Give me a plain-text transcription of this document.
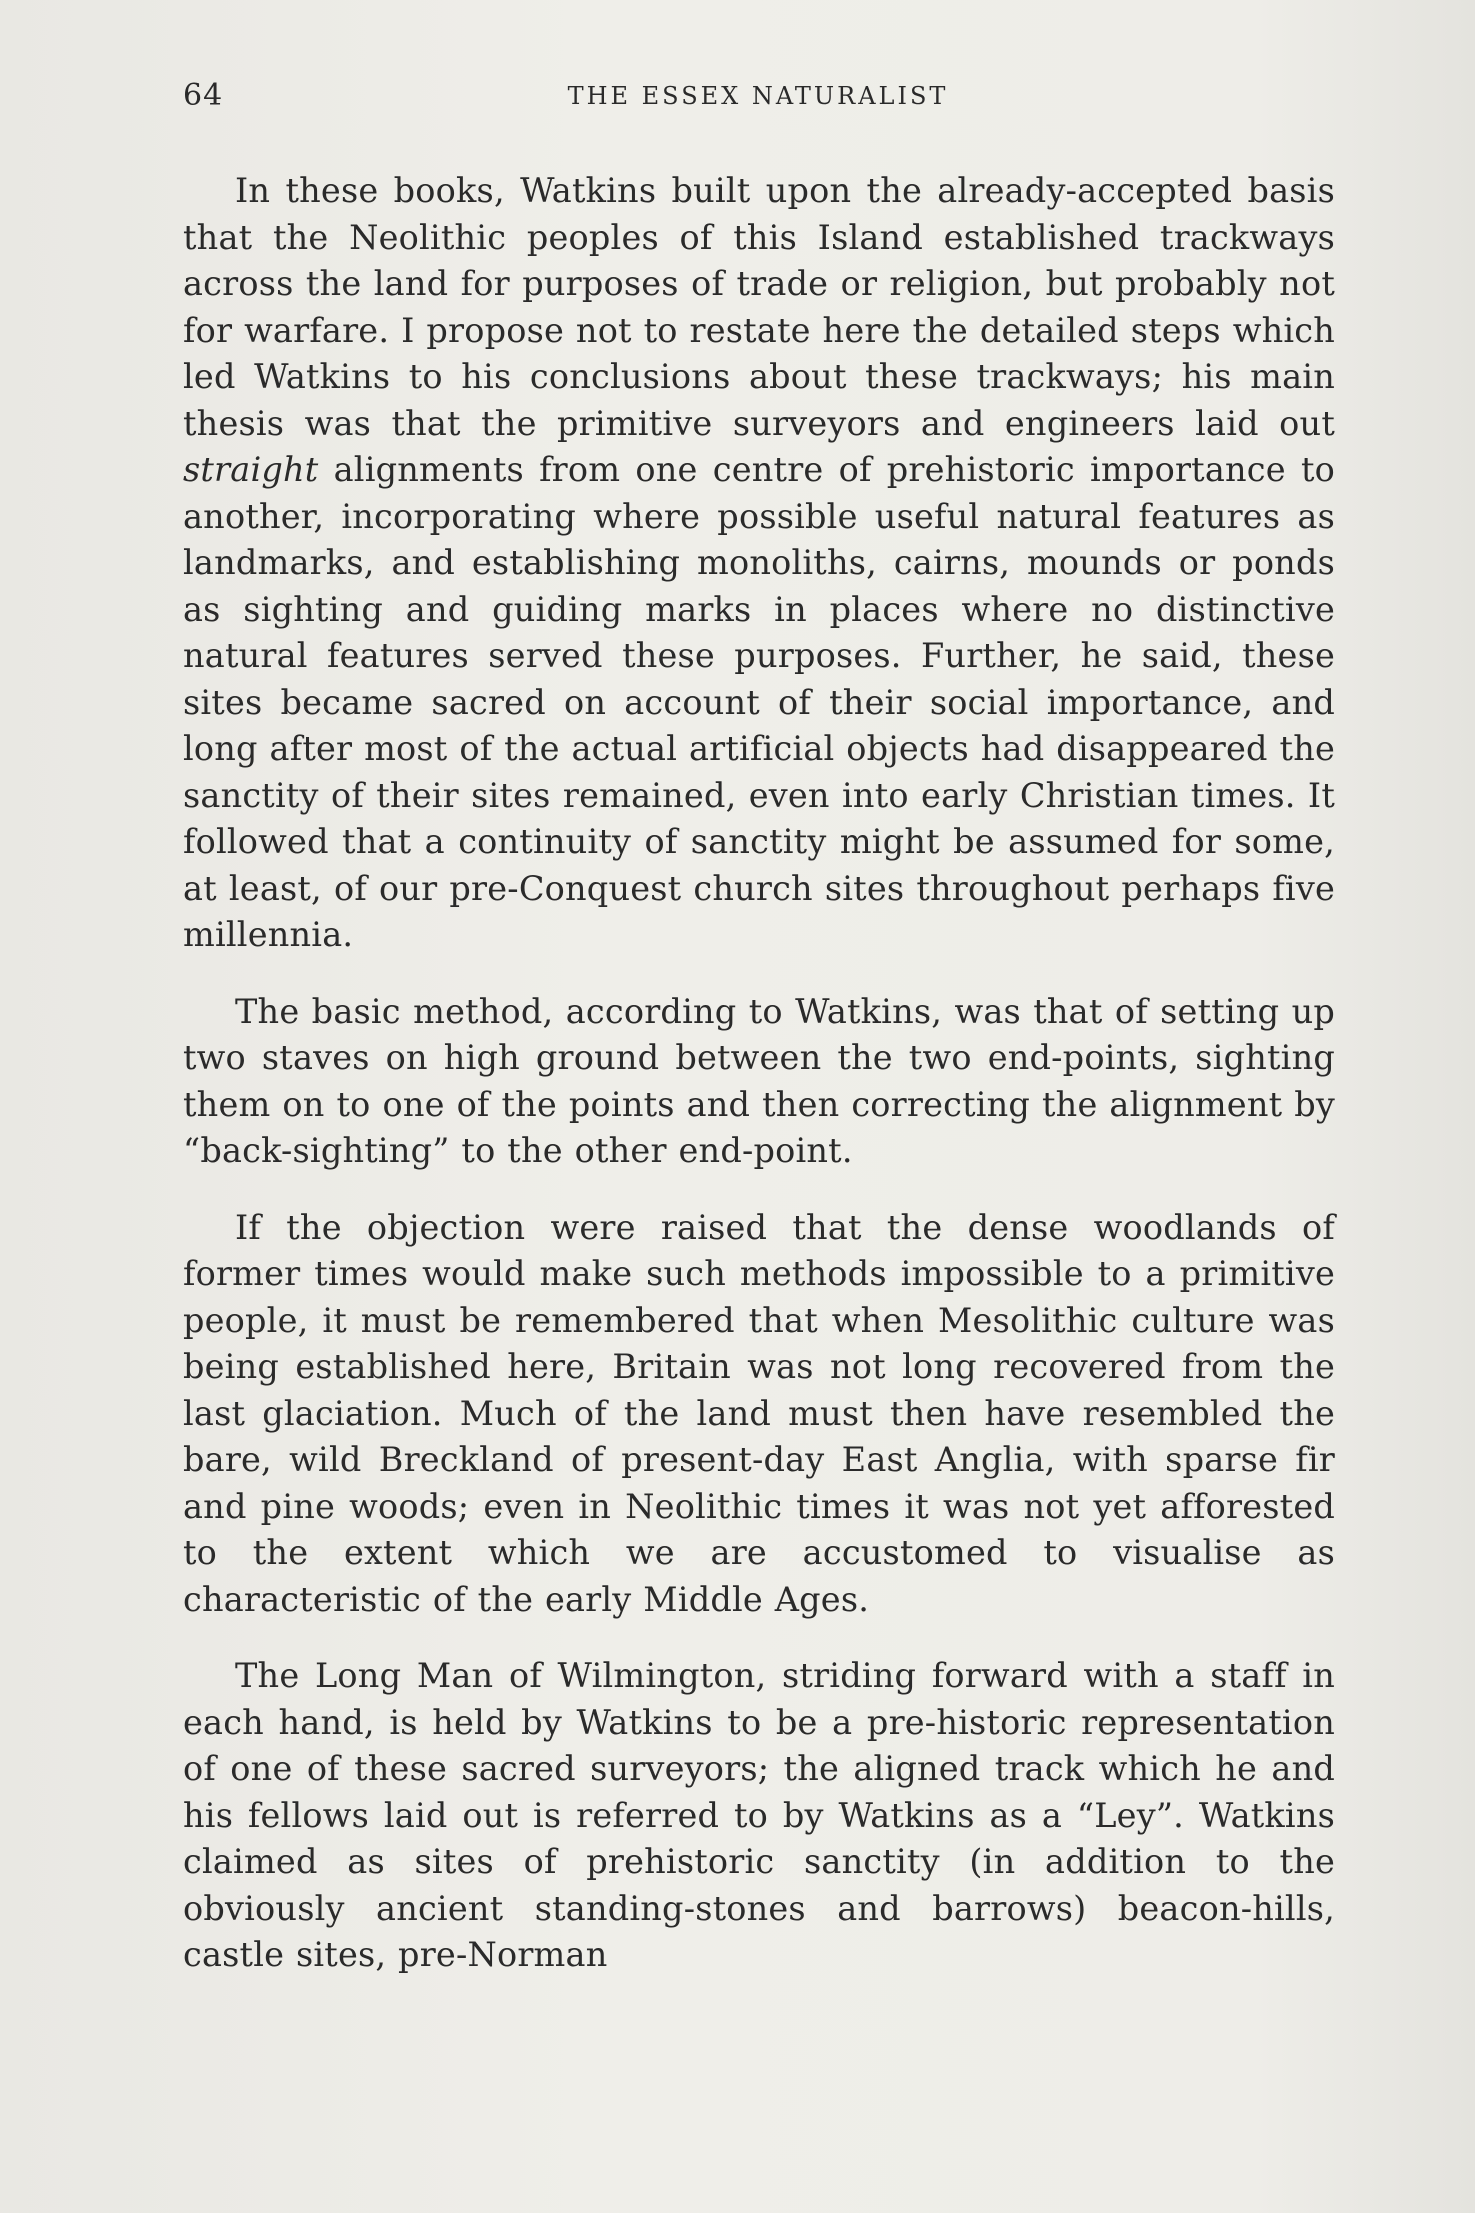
64	THE ESSEX NATURALIST

In these books, Watkins built upon the already-accepted basis that the Neolithic peoples of this Island established trackways across the land for purposes of trade or religion, but probably not for warfare. I propose not to restate here the detailed steps which led Watkins to his conclusions about these trackways; his main thesis was that the primitive surveyors and engineers laid out straight alignments from one centre of prehistoric importance to another, incorporating where possible useful natural features as landmarks, and establishing monoliths, cairns, mounds or ponds as sighting and guiding marks in places where no distinctive natural features served these purposes. Further, he said, these sites became sacred on account of their social importance, and long after most of the actual artificial objects had disappeared the sanctity of their sites remained, even into early Christian times. It followed that a continuity of sanctity might be assumed for some, at least, of our pre-Conquest church sites throughout perhaps five millennia.

The basic method, according to Watkins, was that of setting up two staves on high ground between the two end-points, sighting them on to one of the points and then correcting the alignment by “back-sighting” to the other end-point.

If the objection were raised that the dense woodlands of former times would make such methods impossible to a primitive people, it must be remembered that when Mesolithic culture was being established here, Britain was not long recovered from the last glaciation. Much of the land must then have resembled the bare, wild Breckland of present-day East Anglia, with sparse fir and pine woods; even in Neolithic times it was not yet afforested to the extent which we are accustomed to visualise as characteristic of the early Middle Ages.

The Long Man of Wilmington, striding forward with a staff in each hand, is held by Watkins to be a pre-historic representation of one of these sacred surveyors; the aligned track which he and his fellows laid out is referred to by Watkins as a “Ley”. Watkins claimed as sites of prehistoric sanctity (in addition to the obviously ancient standing-stones and barrows) beacon-hills, castle sites, pre-Norman
